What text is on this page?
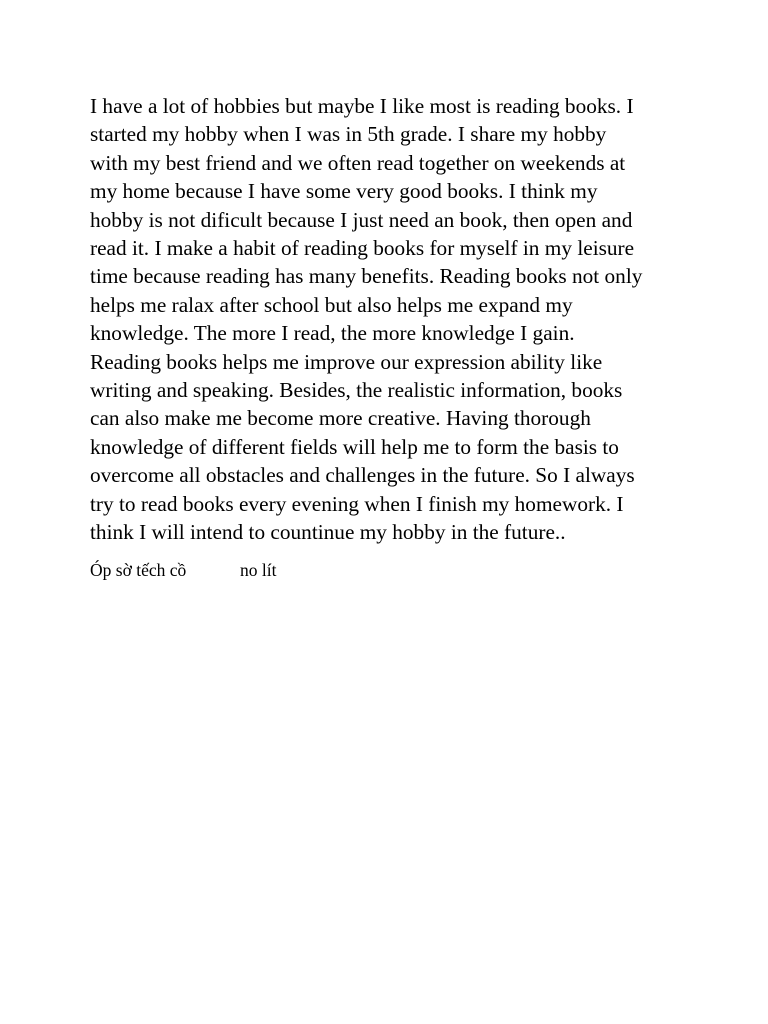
I have a lot of hobbies but maybe I like most is reading books. I
started my hobby when I was in 5th grade. I share my hobby
with my best friend and we often read together on weekends at
my home because I have some very good books. I think my
hobby is not dificult because I just need an book, then open and
read it. I make a habit of reading books for myself in my leisure
time because reading has many benefits. Reading books not only
helps me ralax after school but also helps me expand my
knowledge. The more I read, the more knowledge I gain.
Reading books helps me improve our expression ability like
writing and speaking. Besides, the realistic information, books
can also make me become more creative. Having thorough
knowledge of different fields will help me to form the basis to
overcome all obstacles and challenges in the future. So I always
try to read books every evening when I finish my homework. I
think I will intend to countinue my hobby in the future..

Óp sờ tếch cồ	no lít
